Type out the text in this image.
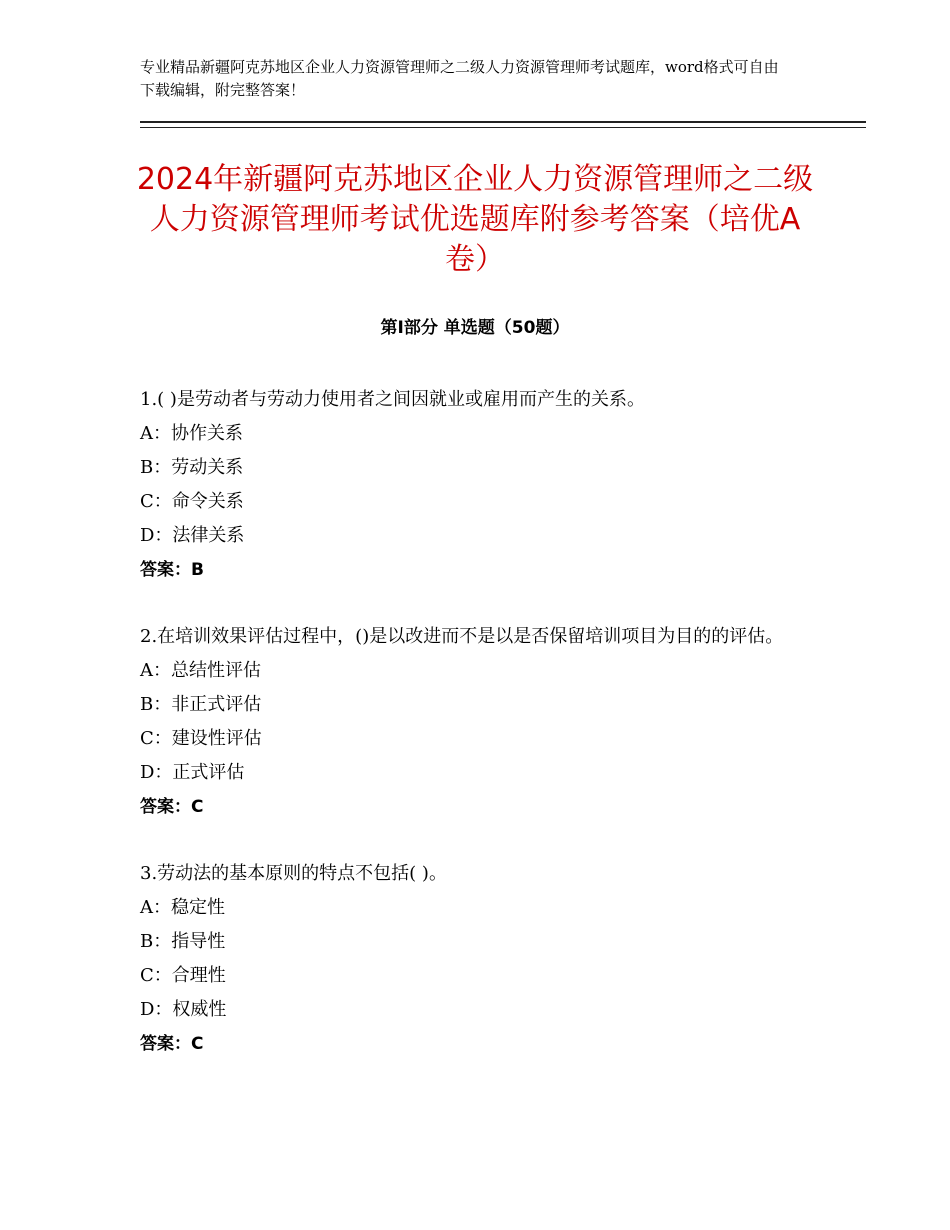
专业精品新疆阿克苏地区企业人力资源管理师之二级人力资源管理师考试题库，word格式可自由下载编辑，附完整答案！
2024年新疆阿克苏地区企业人力资源管理师之二级人力资源管理师考试优选题库附参考答案（培优A卷）
第Ⅰ部分 单选题（50题）

1.( )是劳动者与劳动力使用者之间因就业或雇用而产生的关系。

A：协作关系

B：劳动关系

C：命令关系

D：法律关系

答案：B

2.在培训效果评估过程中，()是以改进而不是以是否保留培训项目为目的的评估。

A：总结性评估

B：非正式评估

C：建设性评估

D：正式评估

答案：C

3.劳动法的基本原则的特点不包括( )。

A：稳定性

B：指导性

C：合理性

D：权威性

答案：C
